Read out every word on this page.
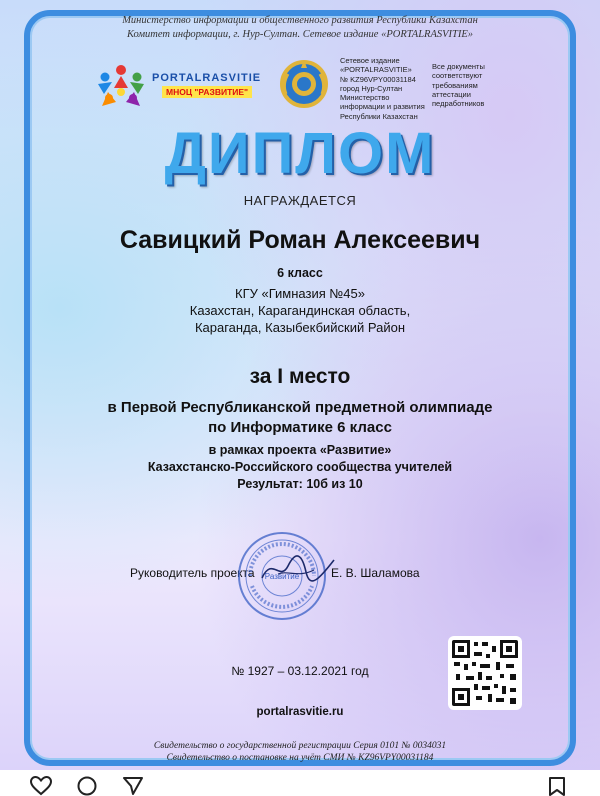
Министерство информации и общественного развития Республики Казахстан
Комитет информации, г. Нур-Султан. Сетевое издание «PORTALRASVITIE»
PORTALRASVITIE
МНОЦ "РАЗВИТИЕ"
Сетевое издание
«PORTALRASVITIE»
№ KZ96VPY00031184
город Нур-Султан
Министерство
информации и развития
Республики Казахстан
Все документы
соответствуют
требованиям
аттестации
педработников
ДИПЛОМ
НАГРАЖДАЕТСЯ
Савицкий Роман Алексеевич
6 класс
КГУ «Гимназия №45»
Казахстан, Карагандинская область,
Караганда, Казыбекбийский Район
за I место
в Первой Республиканской предметной олимпиаде
по Информатике 6 класс
в рамках проекта «Развитие»
Казахстанско-Российского сообщества учителей
Результат: 10б из 10
Руководитель проекта	Е. В. Шаламова
Развитие
№ 1927 – 03.12.2021 год
portalrasvitie.ru
Свидетельство о государственной регистрации Серия 0101 № 0034031
Свидетельство о постановке на учёт СМИ № KZ96VPY00031184
